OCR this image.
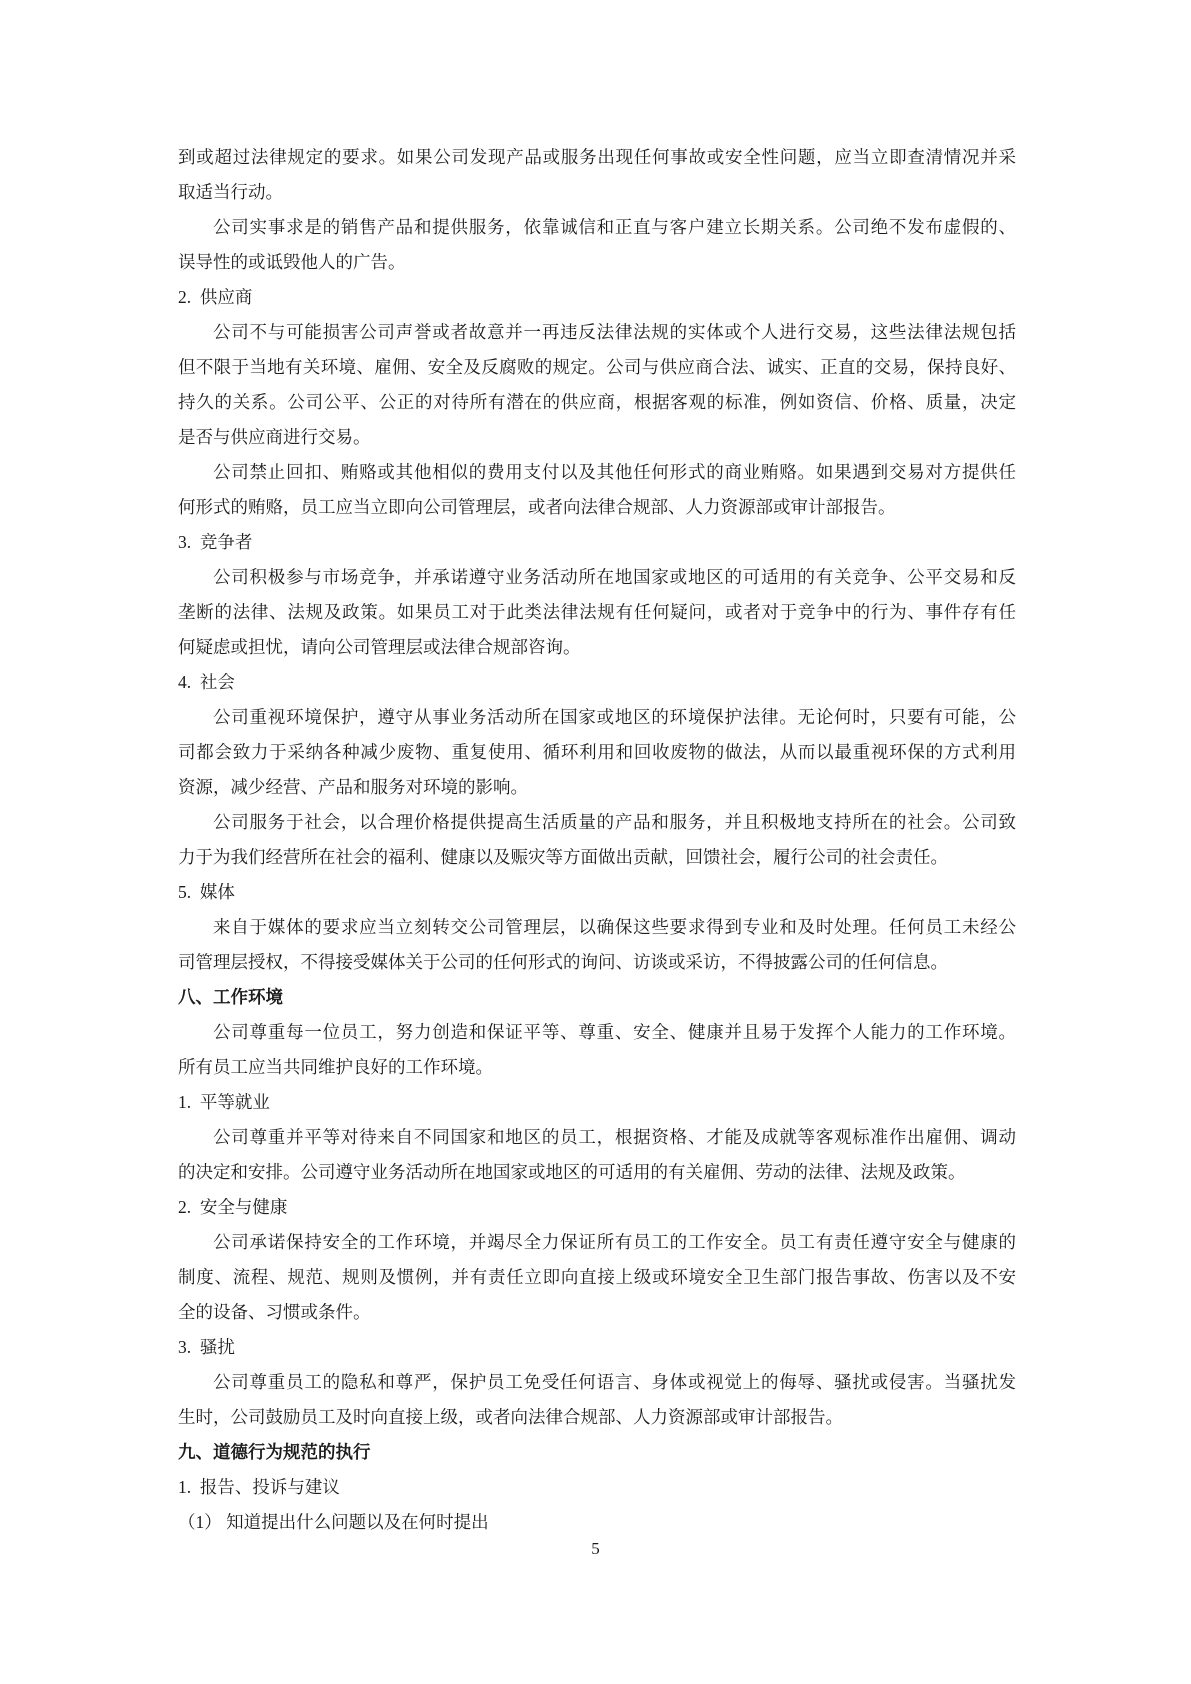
到或超过法律规定的要求。如果公司发现产品或服务出现任何事故或安全性问题，应当立即查清情况并采
取适当行动。
公司实事求是的销售产品和提供服务，依靠诚信和正直与客户建立长期关系。公司绝不发布虚假的、
误导性的或诋毁他人的广告。
2.  供应商
公司不与可能损害公司声誉或者故意并一再违反法律法规的实体或个人进行交易，这些法律法规包括
但不限于当地有关环境、雇佣、安全及反腐败的规定。公司与供应商合法、诚实、正直的交易，保持良好、
持久的关系。公司公平、公正的对待所有潜在的供应商，根据客观的标准，例如资信、价格、质量，决定
是否与供应商进行交易。
公司禁止回扣、贿赂或其他相似的费用支付以及其他任何形式的商业贿赂。如果遇到交易对方提供任
何形式的贿赂，员工应当立即向公司管理层，或者向法律合规部、人力资源部或审计部报告。
3.  竞争者
公司积极参与市场竞争，并承诺遵守业务活动所在地国家或地区的可适用的有关竞争、公平交易和反
垄断的法律、法规及政策。如果员工对于此类法律法规有任何疑问，或者对于竞争中的行为、事件存有任
何疑虑或担忧，请向公司管理层或法律合规部咨询。
4.  社会
公司重视环境保护，遵守从事业务活动所在国家或地区的环境保护法律。无论何时，只要有可能，公
司都会致力于采纳各种减少废物、重复使用、循环利用和回收废物的做法，从而以最重视环保的方式利用
资源，减少经营、产品和服务对环境的影响。
公司服务于社会，以合理价格提供提高生活质量的产品和服务，并且积极地支持所在的社会。公司致
力于为我们经营所在社会的福利、健康以及赈灾等方面做出贡献，回馈社会，履行公司的社会责任。
5.  媒体
来自于媒体的要求应当立刻转交公司管理层，以确保这些要求得到专业和及时处理。任何员工未经公
司管理层授权，不得接受媒体关于公司的任何形式的询问、访谈或采访，不得披露公司的任何信息。
八、工作环境
公司尊重每一位员工，努力创造和保证平等、尊重、安全、健康并且易于发挥个人能力的工作环境。
所有员工应当共同维护良好的工作环境。
1.  平等就业
公司尊重并平等对待来自不同国家和地区的员工，根据资格、才能及成就等客观标准作出雇佣、调动
的决定和安排。公司遵守业务活动所在地国家或地区的可适用的有关雇佣、劳动的法律、法规及政策。
2.  安全与健康
公司承诺保持安全的工作环境，并竭尽全力保证所有员工的工作安全。员工有责任遵守安全与健康的
制度、流程、规范、规则及惯例，并有责任立即向直接上级或环境安全卫生部门报告事故、伤害以及不安
全的设备、习惯或条件。
3.  骚扰
公司尊重员工的隐私和尊严，保护员工免受任何语言、身体或视觉上的侮辱、骚扰或侵害。当骚扰发
生时，公司鼓励员工及时向直接上级，或者向法律合规部、人力资源部或审计部报告。
九、道德行为规范的执行
1.  报告、投诉与建议
（1） 知道提出什么问题以及在何时提出
5
